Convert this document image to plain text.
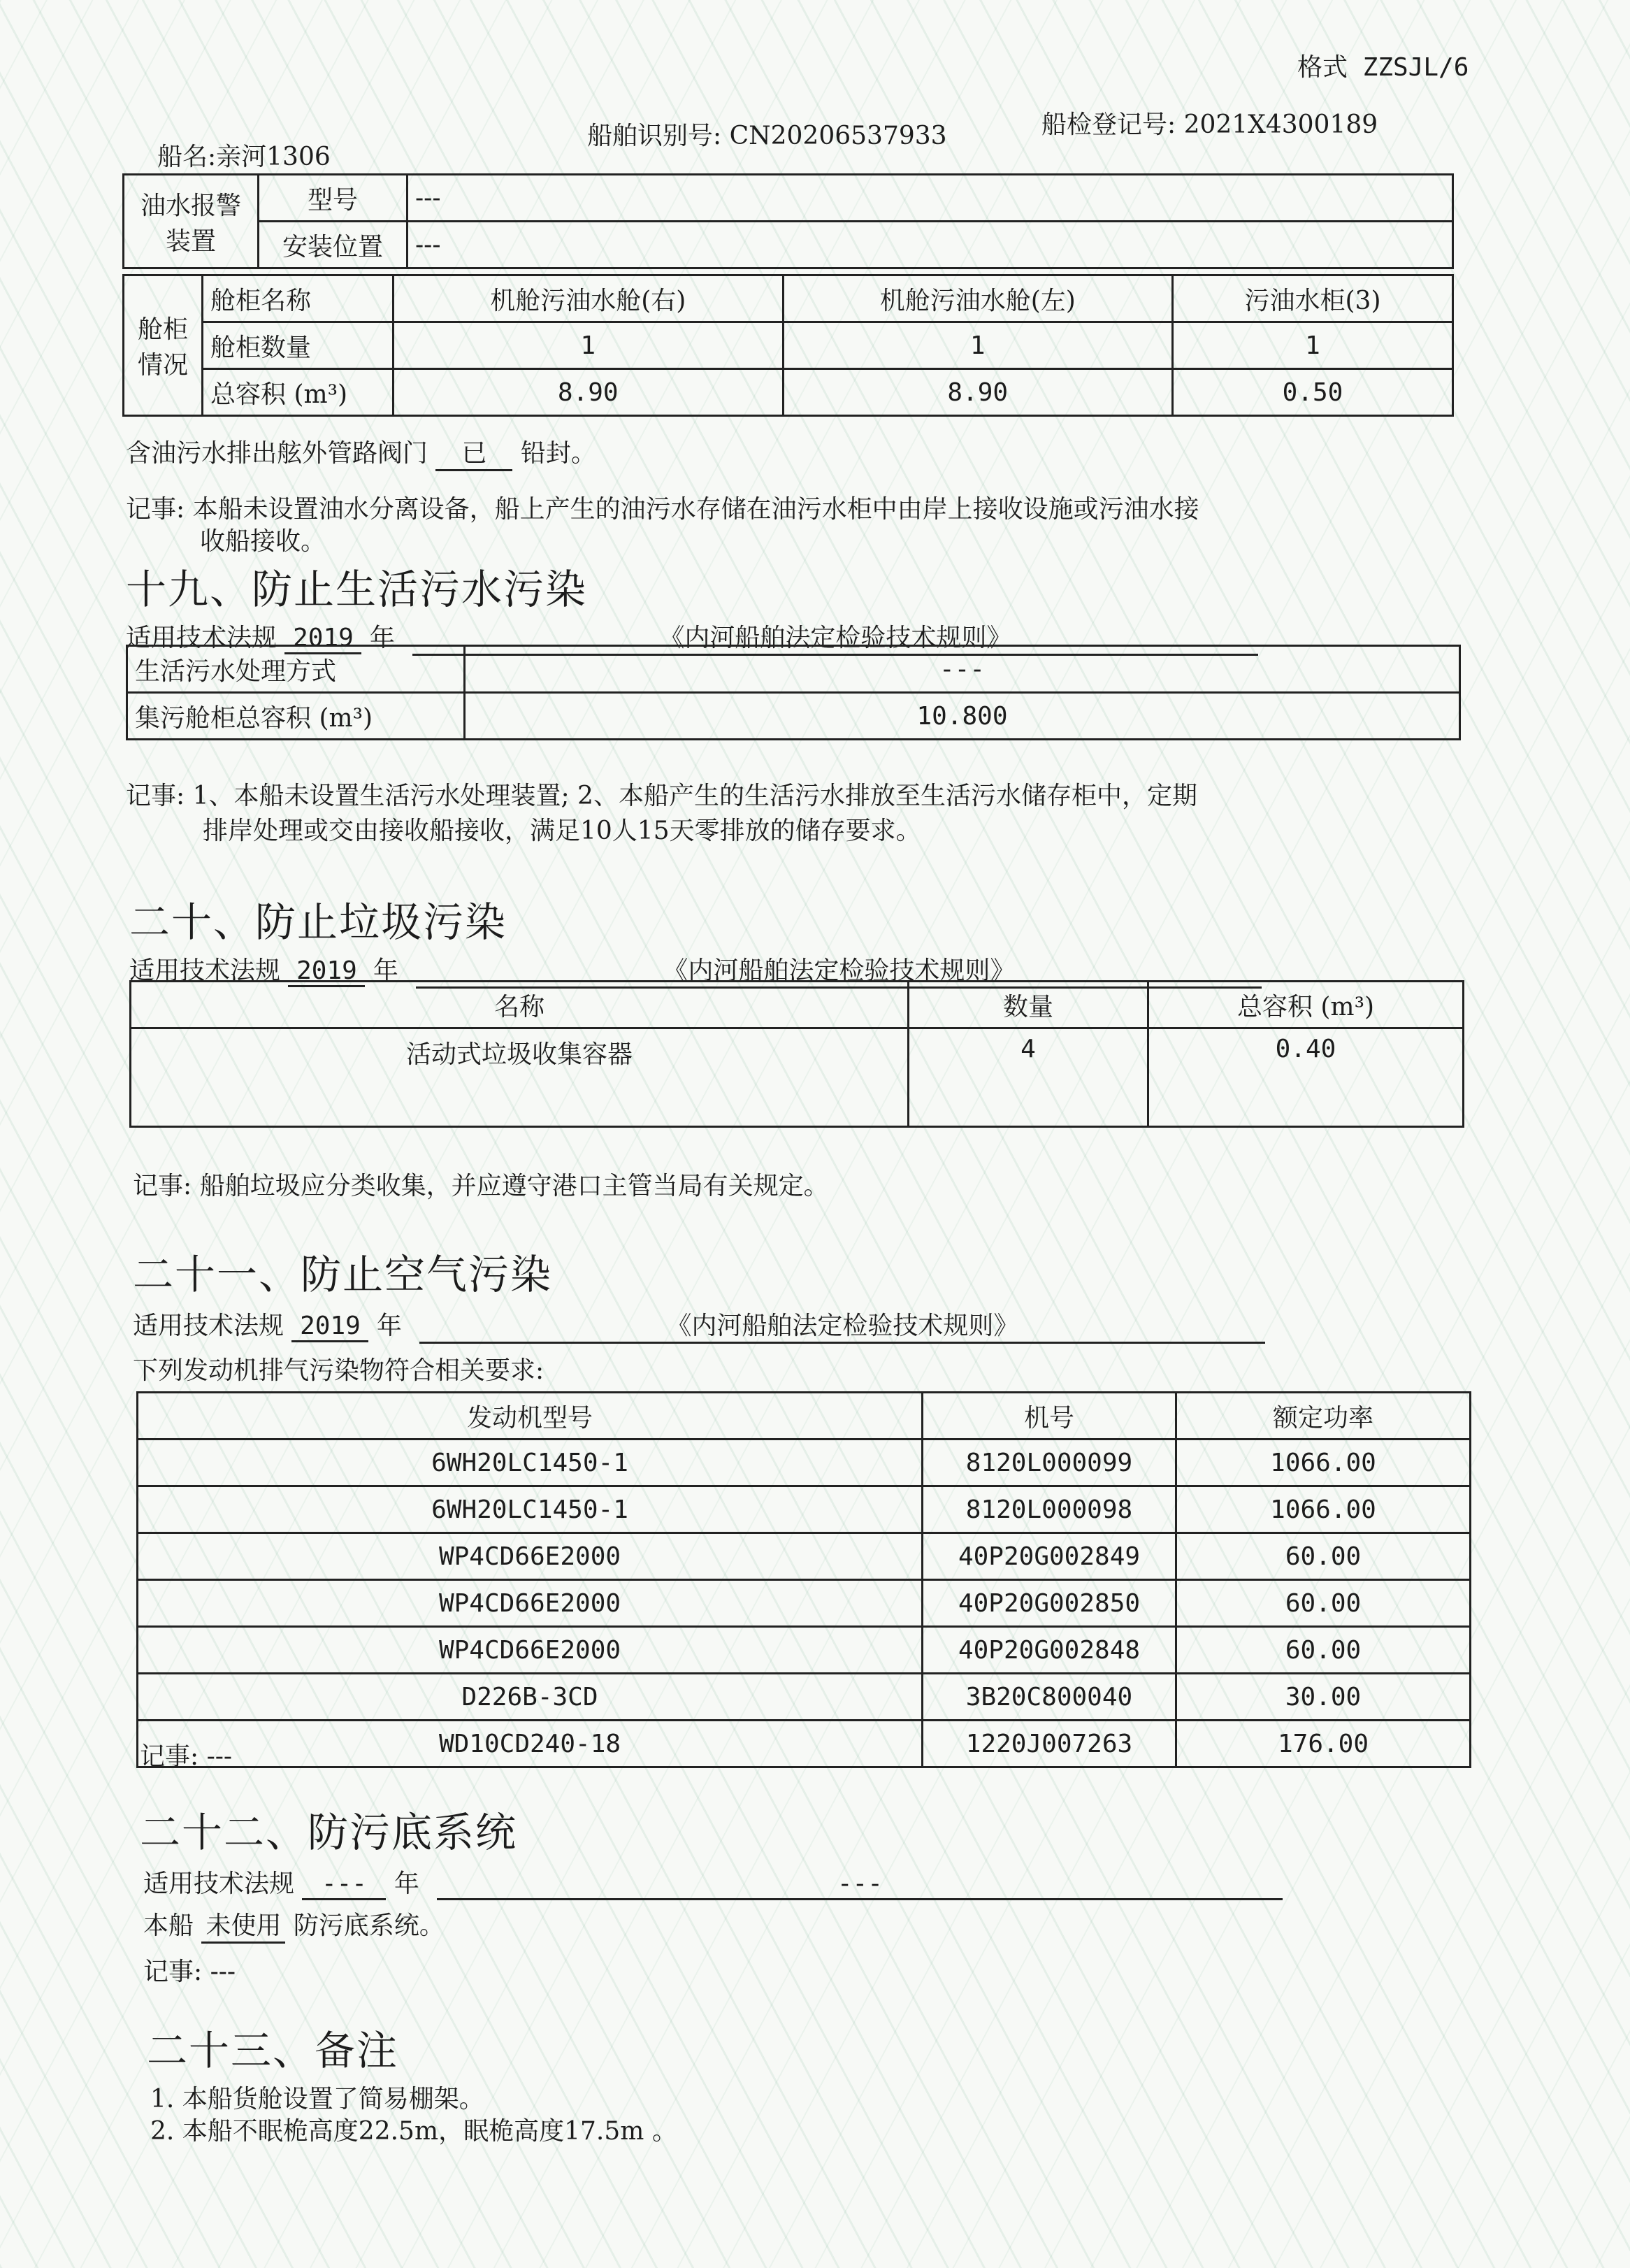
格式 ZZSJL/6
船名:亲河1306
船舶识别号: CN20206537933	船检登记号: 2021X4300189
油水报警装置	型号	---
	安装位置	---
舱柜情况	舱柜名称	机舱污油水舱(右)	机舱污油水舱(左)	污油水柜(3)
	舱柜数量	1	1	1
	总容积 (m³)	8.90	8.90	0.50
含油污水排出舷外管路阀门 已 铅封。
记事: 本船未设置油水分离设备，船上产生的油污水存储在油污水柜中由岸上接收设施或污油水接
收船接收。
十九、防止生活污水污染
适用技术法规 2019 年	《内河船舶法定检验技术规则》
生活污水处理方式	---
集污舱柜总容积 (m³)	10.800
记事: 1、本船未设置生活污水处理装置; 2、本船产生的生活污水排放至生活污水储存柜中，定期
排岸处理或交由接收船接收，满足10人15天零排放的储存要求。
二十、防止垃圾污染
适用技术法规 2019 年	《内河船舶法定检验技术规则》
名称	数量	总容积 (m³)
活动式垃圾收集容器	4	0.40
记事: 船舶垃圾应分类收集，并应遵守港口主管当局有关规定。
二十一、防止空气污染
适用技术法规 2019 年	《内河船舶法定检验技术规则》
下列发动机排气污染物符合相关要求:
发动机型号	机号	额定功率
6WH20LC1450-1	8120L000099	1066.00
6WH20LC1450-1	8120L000098	1066.00
WP4CD66E2000	40P20G002849	60.00
WP4CD66E2000	40P20G002850	60.00
WP4CD66E2000	40P20G002848	60.00
D226B-3CD	3B20C800040	30.00
WD10CD240-18	1220J007263	176.00
记事: ---
二十二、防污底系统
适用技术法规 --- 年	---
本船 未使用 防污底系统。
记事: ---
二十三、备注
1. 本船货舱设置了简易棚架。
2. 本船不眠桅高度22.5m，眠桅高度17.5m 。
